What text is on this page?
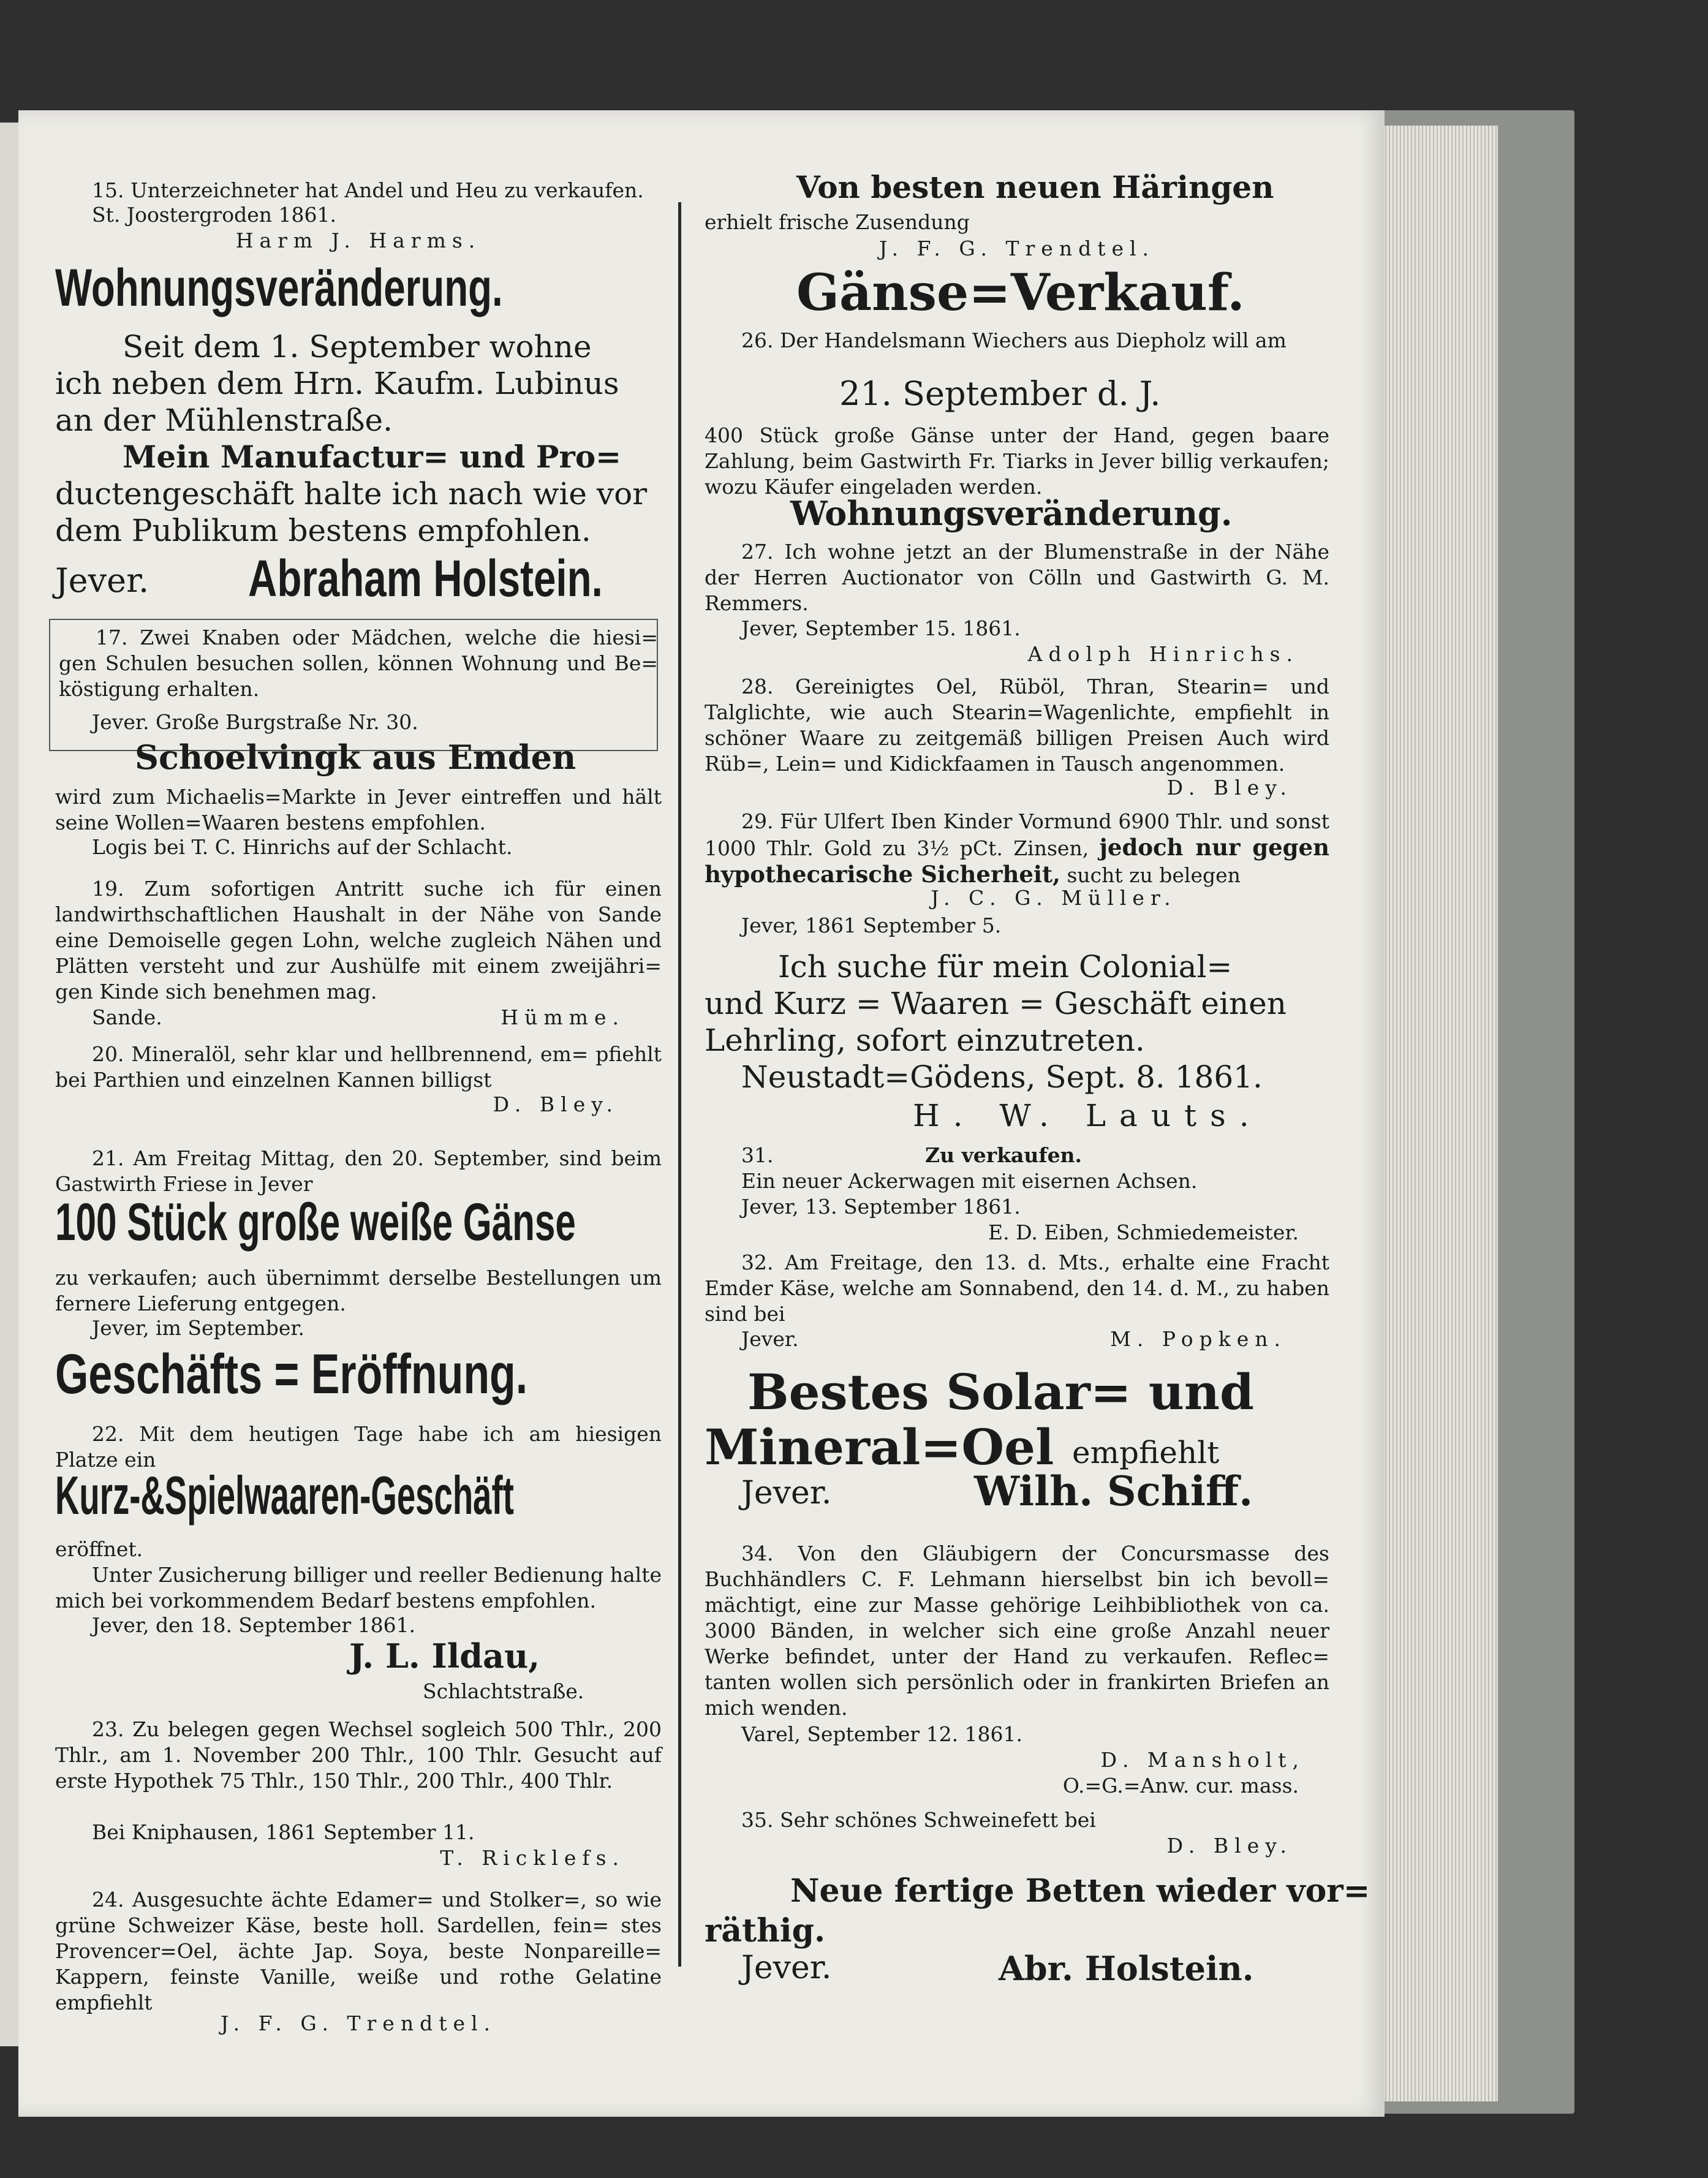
15. Unterzeichneter hat Andel und Heu zu verkaufen.

St. Joostergroden 1861.

Harm J. Harms.

Wohnungsveränderung.
Seit dem 1. September wohne
ich neben dem Hrn. Kaufm. Lubinus
an der Mühlenstraße.
Mein Manufactur= und Pro=
ductengeschäft halte ich nach wie vor
dem Publikum bestens empfohlen.
Jever.	Abraham Holstein.

17. Zwei Knaben oder Mädchen, welche die hiesi= gen Schulen besuchen sollen, können Wohnung und Be= köstigung erhalten.

Jever. Große Burgstraße Nr. 30.

Schoelvingk aus Emden

wird zum Michaelis=Markte in Jever eintreffen und hält seine Wollen=Waaren bestens empfohlen.

Logis bei T. C. Hinrichs auf der Schlacht.

19. Zum sofortigen Antritt suche ich für einen landwirthschaftlichen Haushalt in der Nähe von Sande eine Demoiselle gegen Lohn, welche zugleich Nähen und Plätten versteht und zur Aushülfe mit einem zweijähri= gen Kinde sich benehmen mag.

Sande.	Hümme.

20. Mineralöl, sehr klar und hellbrennend, em= pfiehlt bei Parthien und einzelnen Kannen billigst

D. Bley.

21. Am Freitag Mittag, den 20. September, sind beim Gastwirth Friese in Jever

100 Stück große weiße Gänse

zu verkaufen; auch übernimmt derselbe Bestellungen um fernere Lieferung entgegen.

Jever, im September.

Geschäfts = Eröffnung.

22. Mit dem heutigen Tage habe ich am hiesigen Platze ein

Kurz-&Spielwaaren-Geschäft

eröffnet.

Unter Zusicherung billiger und reeller Bedienung halte mich bei vorkommendem Bedarf bestens empfohlen.

Jever, den 18. September 1861.

J. L. Ildau,

Schlachtstraße.

23. Zu belegen gegen Wechsel sogleich 500 Thlr., 200 Thlr., am 1. November 200 Thlr., 100 Thlr. Gesucht auf erste Hypothek 75 Thlr., 150 Thlr., 200 Thlr., 400 Thlr.

Bei Kniphausen, 1861 September 11.

T. Ricklefs.

24. Ausgesuchte ächte Edamer= und Stolker=, so wie grüne Schweizer Käse, beste holl. Sardellen, fein= stes Provencer=Oel, ächte Jap. Soya, beste Nonpareille= Kappern, feinste Vanille, weiße und rothe Gelatine empfiehlt

J. F. G. Trendtel.

Von besten neuen Häringen

erhielt frische Zusendung

J. F. G. Trendtel.

Gänse=Verkauf.

26. Der Handelsmann Wiechers aus Diepholz will am

21. September d. J.

400 Stück große Gänse unter der Hand, gegen baare Zahlung, beim Gastwirth Fr. Tiarks in Jever billig verkaufen; wozu Käufer eingeladen werden.

Wohnungsveränderung.

27. Ich wohne jetzt an der Blumenstraße in der Nähe der Herren Auctionator von Cölln und Gastwirth G. M. Remmers.

Jever, September 15. 1861.

Adolph Hinrichs.

28. Gereinigtes Oel, Rüböl, Thran, Stearin= und Talglichte, wie auch Stearin=Wagenlichte, empfiehlt in schöner Waare zu zeitgemäß billigen Preisen Auch wird Rüb=, Lein= und Kidickfaamen in Tausch angenommen.

D. Bley.

29. Für Ulfert Iben Kinder Vormund 6900 Thlr. und sonst 1000 Thlr. Gold zu 3½ pCt. Zinsen, jedoch nur gegen hypothecarische Sicherheit, sucht zu belegen

J. C. G. Müller.

Jever, 1861 September 5.

Ich suche für mein Colonial=
und Kurz = Waaren = Geschäft einen
Lehrling, sofort einzutreten.
Neustadt=Gödens, Sept. 8. 1861.
H. W. Lauts.

31.	Zu verkaufen.

Ein neuer Ackerwagen mit eisernen Achsen.

Jever, 13. September 1861.

E. D. Eiben, Schmiedemeister.

32. Am Freitage, den 13. d. Mts., erhalte eine Fracht Emder Käse, welche am Sonnabend, den 14. d. M., zu haben sind bei

Jever.	M. Popken.

Bestes Solar= und
Mineral=Oel empfiehlt
Jever.	Wilh. Schiff.

34. Von den Gläubigern der Concursmasse des Buchhändlers C. F. Lehmann hierselbst bin ich bevoll= mächtigt, eine zur Masse gehörige Leihbibliothek von ca. 3000 Bänden, in welcher sich eine große Anzahl neuer Werke befindet, unter der Hand zu verkaufen. Reflec= tanten wollen sich persönlich oder in frankirten Briefen an mich wenden.

Varel, September 12. 1861.

D. Mansholt,

O.=G.=Anw. cur. mass.

35. Sehr schönes Schweinefett bei

D. Bley.

Neue fertige Betten wieder vor=
räthig.
Jever.	Abr. Holstein.
